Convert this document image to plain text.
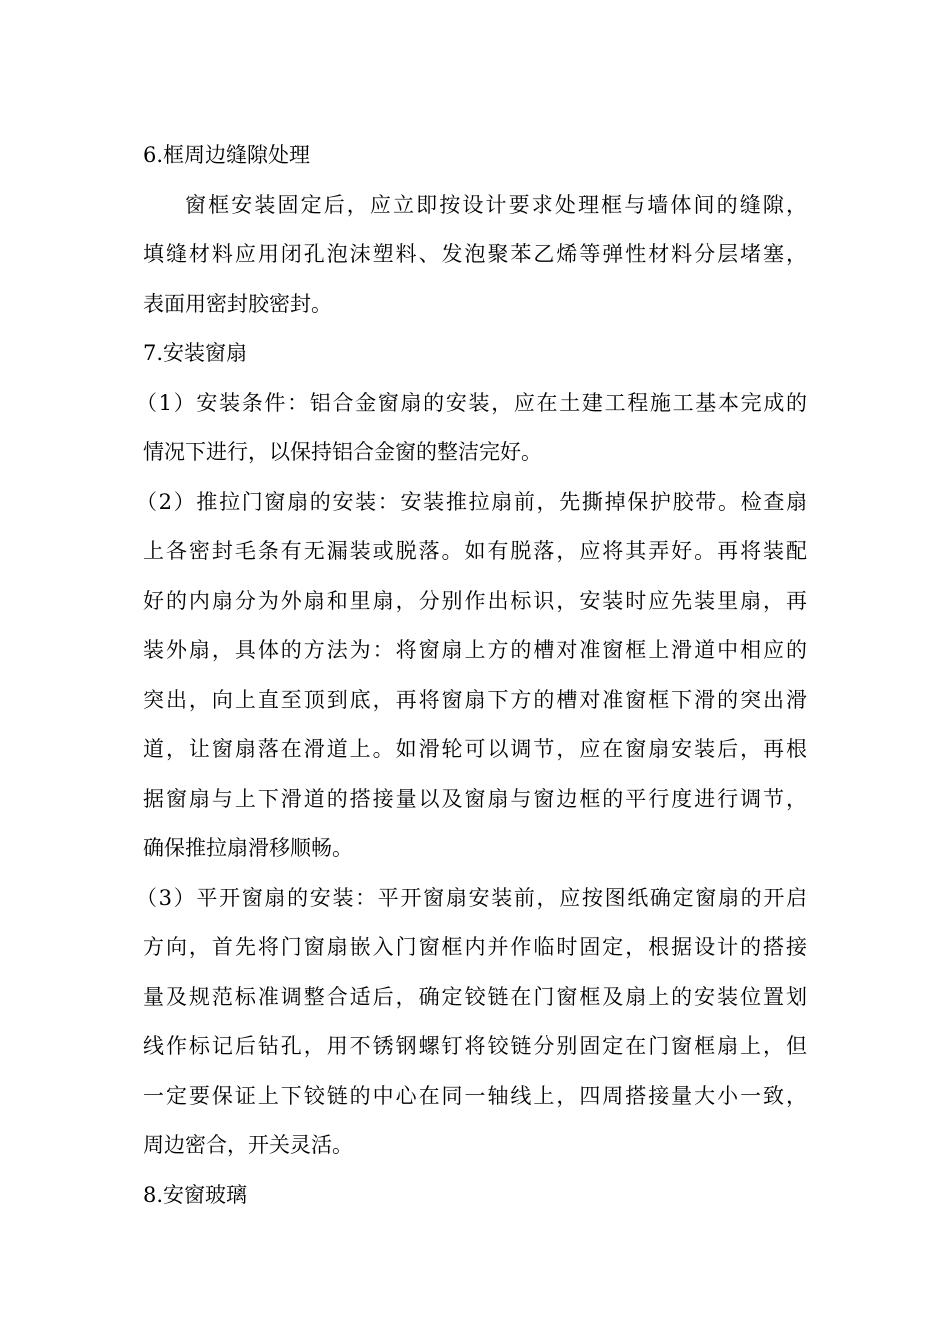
6.框周边缝隙处理
窗框安装固定后，应立即按设计要求处理框与墙体间的缝隙，
填缝材料应用闭孔泡沫塑料、发泡聚苯乙烯等弹性材料分层堵塞，
表面用密封胶密封。
7.安装窗扇
（1）安装条件：铝合金窗扇的安装，应在土建工程施工基本完成的
情况下进行，以保持铝合金窗的整洁完好。
（2）推拉门窗扇的安装：安装推拉扇前，先撕掉保护胶带。检查扇
上各密封毛条有无漏装或脱落。如有脱落，应将其弄好。再将装配
好的内扇分为外扇和里扇，分别作出标识，安装时应先装里扇，再
装外扇，具体的方法为：将窗扇上方的槽对准窗框上滑道中相应的
突出，向上直至顶到底，再将窗扇下方的槽对准窗框下滑的突出滑
道，让窗扇落在滑道上。如滑轮可以调节，应在窗扇安装后，再根
据窗扇与上下滑道的搭接量以及窗扇与窗边框的平行度进行调节，
确保推拉扇滑移顺畅。
（3）平开窗扇的安装：平开窗扇安装前，应按图纸确定窗扇的开启
方向，首先将门窗扇嵌入门窗框内并作临时固定，根据设计的搭接
量及规范标准调整合适后，确定铰链在门窗框及扇上的安装位置划
线作标记后钻孔，用不锈钢螺钉将铰链分别固定在门窗框扇上，但
一定要保证上下铰链的中心在同一轴线上，四周搭接量大小一致，
周边密合，开关灵活。
8.安窗玻璃
